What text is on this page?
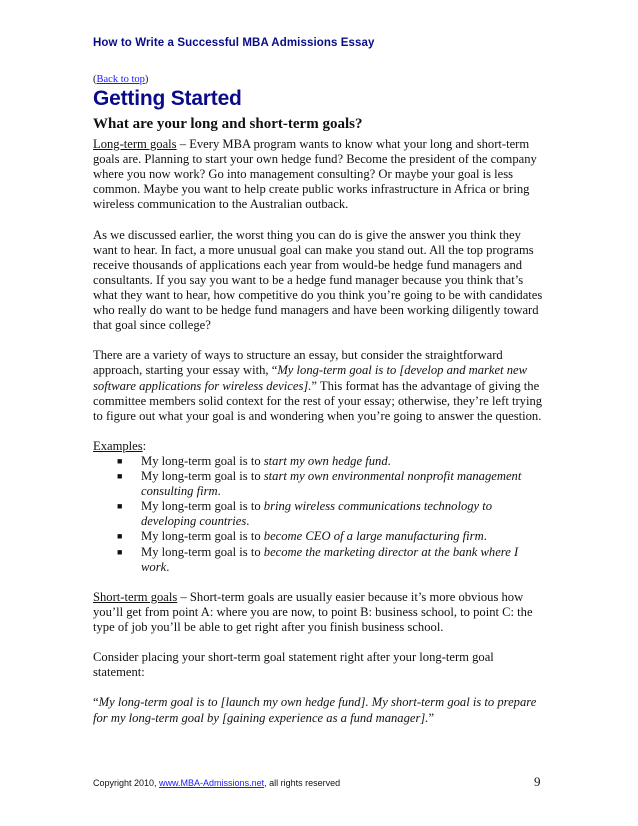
How to Write a Successful MBA Admissions Essay
(Back to top)
Getting Started
What are your long and short-term goals?

Long-term goals – Every MBA program wants to know what your long and short-term goals are. Planning to start your own hedge fund? Become the president of the company where you now work? Go into management consulting? Or maybe your goal is less common. Maybe you want to help create public works infrastructure in Africa or bring wireless communication to the Australian outback.

As we discussed earlier, the worst thing you can do is give the answer you think they want to hear. In fact, a more unusual goal can make you stand out. All the top programs receive thousands of applications each year from would-be hedge fund managers and consultants. If you say you want to be a hedge fund manager because you think that’s what they want to hear, how competitive do you think you’re going to be with candidates who really do want to be hedge fund managers and have been working diligently toward that goal since college?

There are a variety of ways to structure an essay, but consider the straightforward approach, starting your essay with, “My long-term goal is to [develop and market new software applications for wireless devices].” This format has the advantage of giving the committee members solid context for the rest of your essay; otherwise, they’re left trying to figure out what your goal is and wondering when you’re going to answer the question.

Examples:
■ My long-term goal is to start my own hedge fund.
■ My long-term goal is to start my own environmental nonprofit management consulting firm.
■ My long-term goal is to bring wireless communications technology to developing countries.
■ My long-term goal is to become CEO of a large manufacturing firm.
■ My long-term goal is to become the marketing director at the bank where I work.

Short-term goals – Short-term goals are usually easier because it’s more obvious how you’ll get from point A: where you are now, to point B: business school, to point C: the type of job you’ll be able to get right after you finish business school.

Consider placing your short-term goal statement right after your long-term goal statement:

“My long-term goal is to [launch my own hedge fund]. My short-term goal is to prepare for my long-term goal by [gaining experience as a fund manager].”

Copyright 2010, www.MBA-Admissions.net, all rights reserved	9
